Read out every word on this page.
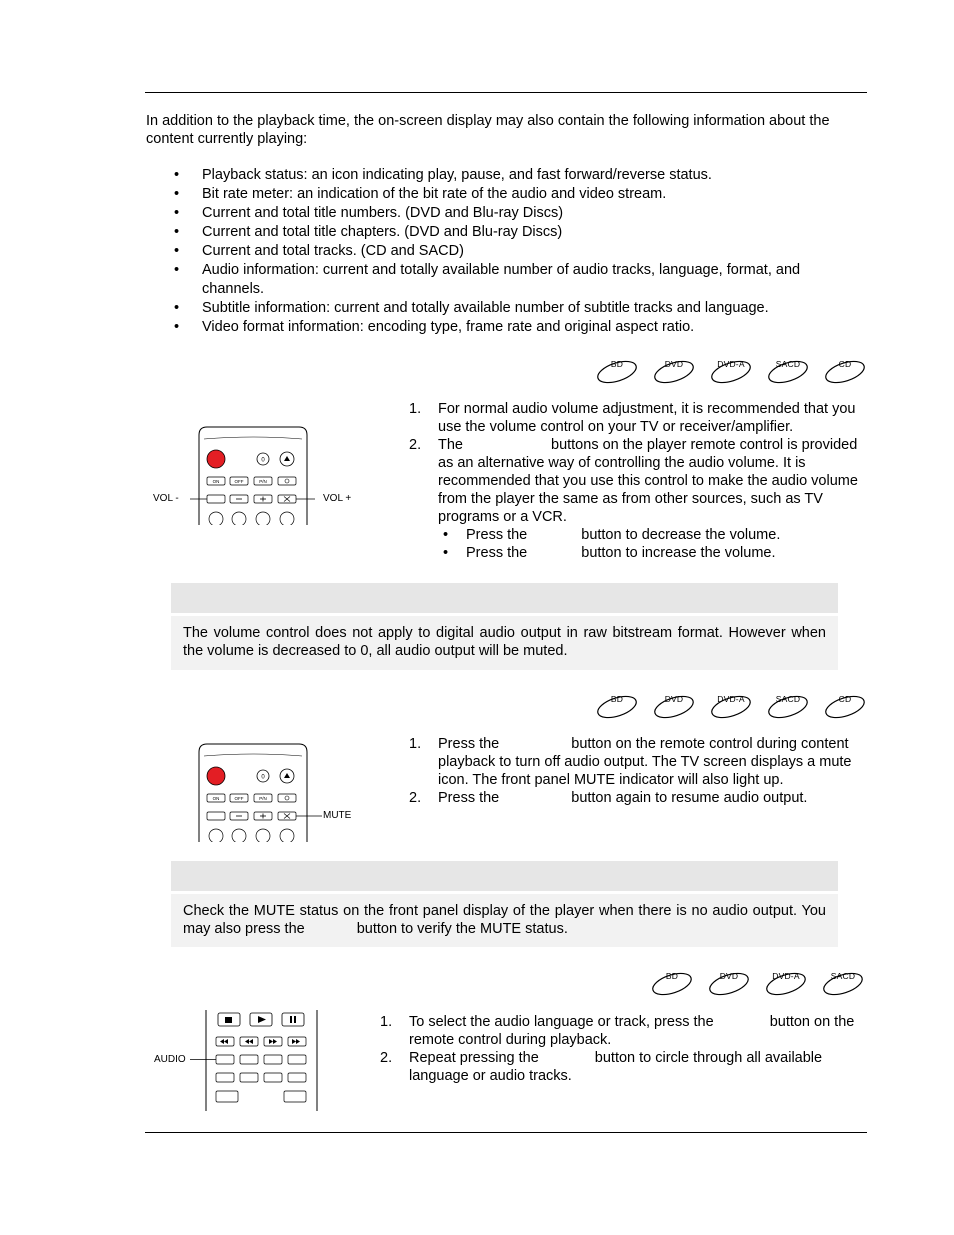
In addition to the playback time, the on-screen display may also contain the following information about the content currently playing:
• Playback status: an icon indicating play, pause, and fast forward/reverse status.
• Bit rate meter: an indication of the bit rate of the audio and video stream.
• Current and total title numbers. (DVD and Blu-ray Discs)
• Current and total title chapters. (DVD and Blu-ray Discs)
• Current and total tracks. (CD and SACD)
• Audio information: current and totally available number of audio tracks, language, format, and channels.
• Subtitle information: current and totally available number of subtitle tracks and language.
• Video format information: encoding type, frame rate and original aspect ratio.
BD	DVD	DVD-A	SACD	CD
0
ON	OFF	P/N
VOL -	VOL +
1. For normal audio volume adjustment, it is recommended that you use the volume control on your TV or receiver/amplifier.
2. The	buttons on the player remote control is provided as an alternative way of controlling the audio volume. It is recommended that you use this control to make the audio volume from the player the same as from other sources, such as TV programs or a VCR.
• Press the	button to decrease the volume.
• Press the	button to increase the volume.
The volume control does not apply to digital audio output in raw bitstream format. However when the volume is decreased to 0, all audio output will be muted.
BD	DVD	DVD-A	SACD	CD
0
ON	OFF	P/N
MUTE
1. Press the	button on the remote control during content playback to turn off audio output. The TV screen displays a mute icon. The front panel MUTE indicator will also light up.
2. Press the	button again to resume audio output.
Check the MUTE status on the front panel display of the player when there is no audio output. You may also press the	button to verify the MUTE status.
BD	DVD	DVD-A	SACD
AUDIO
1. To select the audio language or track, press the	button on the remote control during playback.
2. Repeat pressing the	button to circle through all available language or audio tracks.
